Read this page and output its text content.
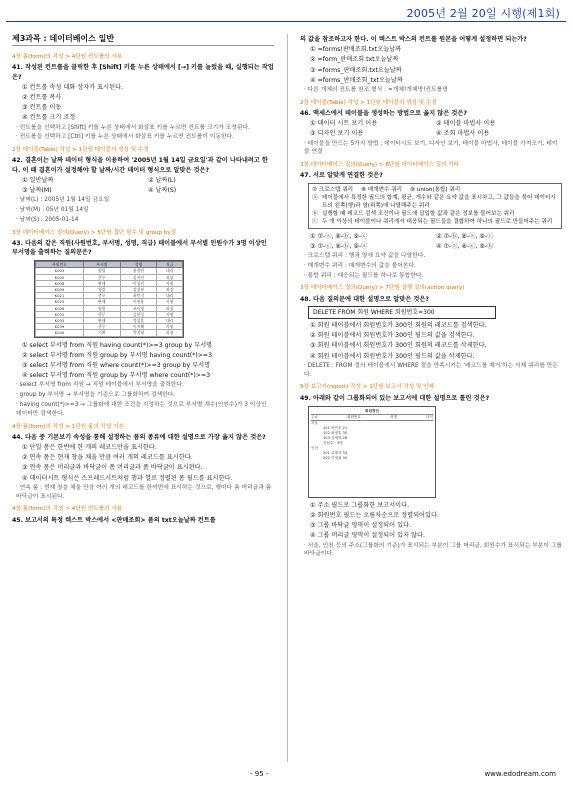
2005년 2월 20일 시행(제1회)
제3과목 : 데이터베이스 일반
4장 폼(form)의 작성 > 4단원 컨트롤의 사용
41. 작성된 컨트롤을 클릭한 후 [Shift] 키를 누른 상태에서 [→] 키를 눌렀을 때, 실행되는 작업은?
① 컨트롤 속성 대화 상자가 표시된다.
② 컨트롤 복사
③ 컨트롤 이동
④ 컨트롤 크기 조정
· 컨트롤을 선택하고 [Shift] 키를 누른 상태에서 화살표 키를 누르면 컨트롤 크기가 조정된다.
· 컨트롤을 선택하고 [Ctrl] 키를 누른 상태에서 화살표 키를 누르면 컨트롤이 이동한다.
2장 테이블(Table) 작성 > 1단원 테이블의 생성 및 수정
42. 결혼이는 날짜 데이터 형식을 이용하여 '2005년 1월 14일 금요일'과 같이 나타내려고 한다. 이 때 결혼이가 설정해야 할 날짜/시간 데이터 형식으로 알맞은 것은?
① 일반날짜	② 날짜(L)
③ 날짜(M)	④ 날짜(S)
· 날짜(L) : 2005년 1월 14일 금요일
· 날짜(M) : 05년 01월 14일
· 날짜(S) : 2005-01-14
3장 데이터베이스 질의(Query) > 5단원 집단 함수 및 group by절
43. 다음의 같은 직원(사원번호, 부서명, 성명, 직급) 테이블에서 부서별 인원수가 3명 이상인 부서명을 출력하는 질의문은?
사원번호	부서명	성명	직급
K003	영업	윤정원	대리
K005	총무	김서진	과장
K008	판매	이성진	사원
K009	영업	강성현	과장
K021	총무	최민기	대리
K025	판매	이현용	사원
K028	영업	조미영	과장
K031	총무	김한성	사원
K035	판매	정상훈	대리
K039	총무	이지혜	사원
K040	기획	박지영	과장
① select 부서명 from 직원 having count(*)>=3 group by 부서명
② select 부서명 from 직원 group by 부서명 having count(*)>=3
③ select 부서명 from 직원 where count(*)>=3 group by 부서명
④ select 부서명 from 직원 group by 부서명 where count(*)>=3
· select 부서명 from 직원 → 직원 테이블에서 부서명을 출력한다.
· group by 부서명 → 부서명을 기준으로 그룹화하여 검색한다.
· having count(*)>=3 → 그룹화에 대한 조건을 지정하는 것으로 부서별 개수(인원수)가 3 이상인 데이터만 검색한다.
4장 폼(form)의 작성 > 1단원 폼의 작성 기본
44. 다음 중 기본보기 속성을 통해 설정하는 폼의 종류에 대한 설명으로 가장 옳지 않은 것은?
① 단일 폼은 한번에 한 개의 레코드만을 표시한다.
② 연속 폼은 현재 창을 채울 만큼 여러 개의 레코드를 표시한다.
③ 연속 폼은 머리글과 바닥글이 폼 머리글과 폼 바닥글이 표시된다.
④ 데이터시트 형식은 스프레드시트처럼 행과 열로 정렬된 폼 필드를 표시한다.
· 연속 폼 : 현재 창을 채울 만큼 여러 개의 레코드를 한꺼번에 표시하는 것으로, 행마다 폼 머리글과 폼 바닥글이 표시된다.
4장 폼(form)의 작성 > 4단원 컨트롤의 사용
45. 보고서의 특정 텍스트 박스에서 <판매조회> 폼의 txt오늘날짜 컨트롤
의 값을 참조하고자 한다. 이 텍스트 박스의 컨트롤 원본을 어떻게 설정하면 되는가?
① =forms!판매조회.txt오늘날짜
② =form_판매조회.txt오늘날짜
③ =forms_판매조회.txt오늘날짜
④ =forms_판매조회_txt오늘날짜
· 다른 개체의 컨트롤 참조 형식 : =개체!개체명!컨트롤명
2장 테이블(Table) 작성 > 1단원 테이블의 생성 및 수정
46. 액세스에서 테이블을 생성하는 방법으로 옳지 않은 것은?
① 데이터 시트 보기 이용	② 테이블 마법사 이용
③ 디자인 보기 이용	④ 조회 마법사 이용
· 테이블을 만드는 5가지 방법 : 데이터시트 보기, 디자인 보기, 테이블 마법사, 테이블 가져오기, 테이블 연결
3장 데이터베이스 질의(Query) > 8단원 데이터베이스 질의 기타
47. 서로 알맞게 연결한 것은?
⑦ 크로스탭 쿼리 ⑧ 매개변수 쿼리 ⑨ union(통합) 쿼리
ⓐ 테이블에서 특정한 필드의 합계, 평균, 개수와 같은 요약 값을 표시하고, 그 값들을 묶어 데이터시트의 왼쪽(행)과 열(위쪽)에 나열해주는 쿼리
ⓑ 실행할 때 레코드 검색 조건이나 필드에 삽입할 값과 같은 정보를 물어보는 쿼리
ⓒ 두 개 이상의 테이블이나 쿼리에서 대응되는 필드들을 결합하여 하나의 필드로 만들어주는 쿼리
① ⑦-ⓐ, ⑧-ⓑ, ⑨-ⓒ	② ⑦-ⓑ, ⑧-ⓐ, ⑨-ⓒ
③ ⑦-ⓒ, ⑧-ⓑ, ⑨-ⓐ	④ ⑦-ⓐ, ⑧-ⓒ, ⑨-ⓑ
· 크로스탭 쿼리 : 행과 열에 요약 값을 나열한다.
· 매개변수 쿼리 : 매개변수의 값을 물어본다.
· 통합 쿼리 : 대응되는 필드를 하나로 통합한다.
3장 데이터베이스 질의(Query) > 7단원 실행 질의(action query)
48. 다음 질의문에 대한 설명으로 알맞은 것은?
DELETE FROM 회원 WHERE 회원번호=300
① 회원 테이블에서 회원번호가 300인 회원의 레코드를 검색한다.
② 회원 테이블에서 회원번호가 300인 필드의 값을 검색한다.
③ 회원 테이블에서 회원번호가 300인 회원의 레코드를 삭제한다.
④ 회원 테이블에서 회원번호가 300인 필드의 값을 삭제한다.
· DELETE : FROM 절의 테이블에서 WHERE 절을 만족시키는 '레코드를 제거'하는 삭제 쿼리를 만든다.
5장 보고서(report) 작성 > 1단원 보고서 작성 및 인쇄
49. 아래와 같이 그룹화되어 있는 보고서에 대한 설명으로 틀린 것은?
회원명단
주소	회원번호	성명	나이
서울
101 박민우 21
102 최정호 35
103 김세미 28
인원수 : 3명
인천
201 유재석 33
202 이정희 30
① 주소 필드로 그룹화한 보고서이다.
② 회원번호 필드는 오름차순으로 정렬되어있다.
③ 그룹 바닥글 영역이 설정되어 있다.
④ 그룹 머리글 영역이 설정되어 있지 않다.
· 서울, 인천 등의 주소(그룹화의 기준)가 표시되는 부분이 그룹 머리글, 회원수가 표시되는 부분이 그룹 바닥글이다.
- 95 -	www.edodream.com
